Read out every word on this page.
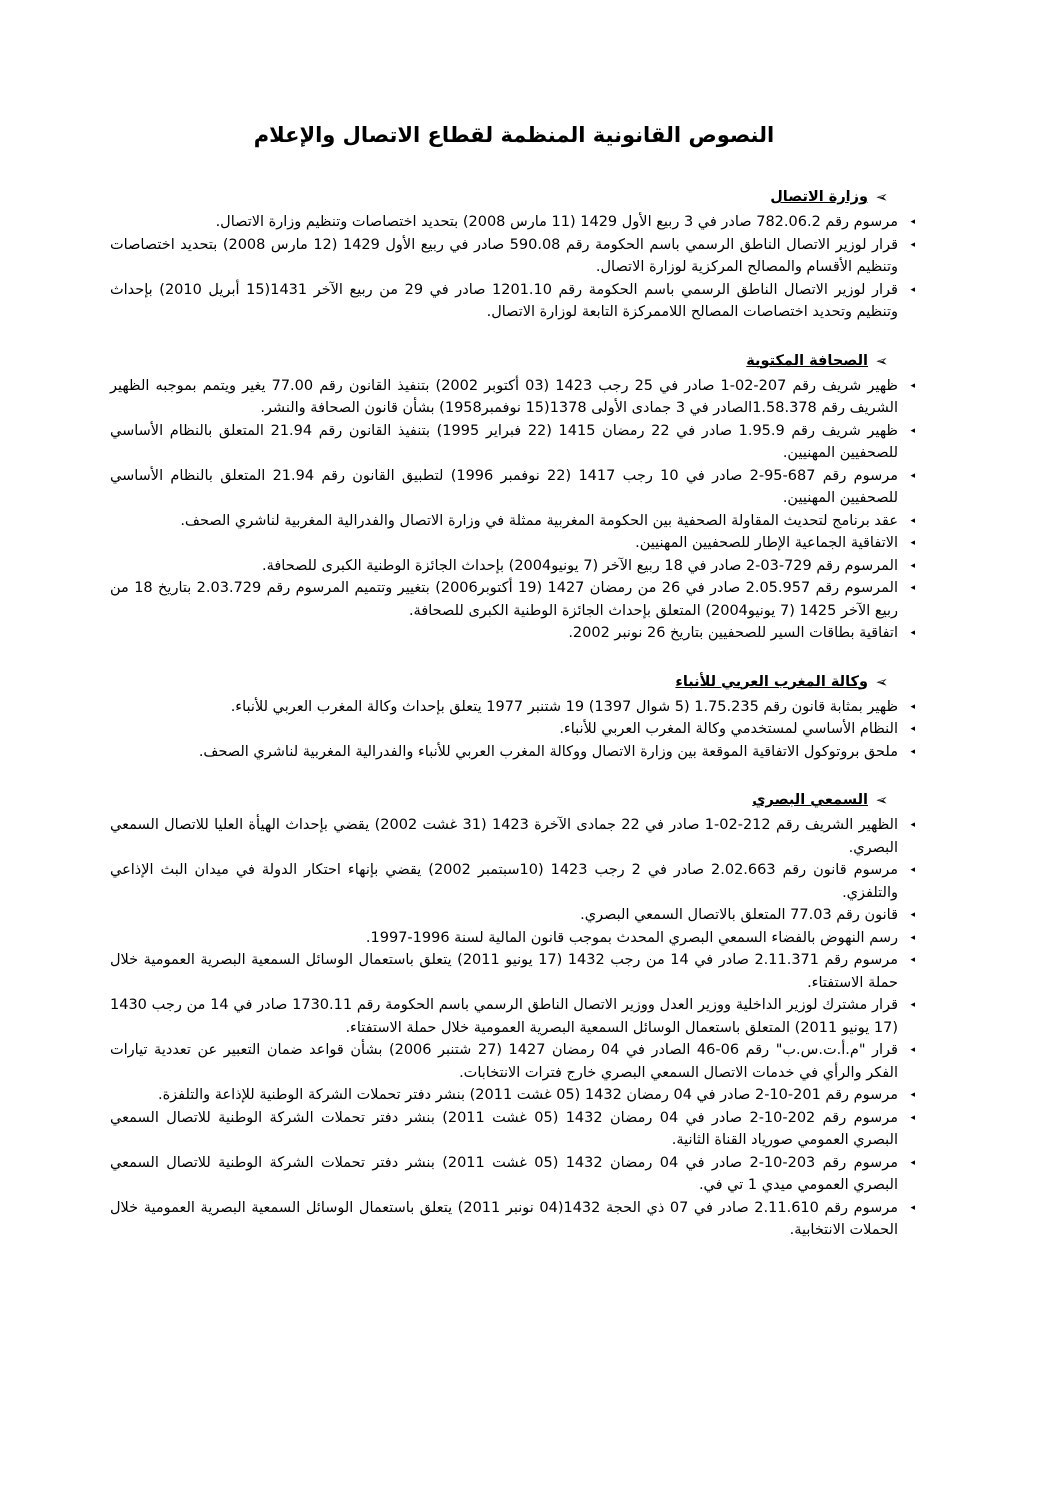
النصوص القانونية المنظمة لقطاع الاتصال والإعلام
➢
وزارة الاتصال
◂
مرسوم رقم 782.06.2 صادر في 3 ربيع الأول 1429 (11 مارس 2008) بتحديد اختصاصات وتنظيم وزارة الاتصال.
◂
قرار لوزير الاتصال الناطق الرسمي باسم الحكومة رقم 590.08 صادر في ربيع الأول 1429 (12 مارس 2008) بتحديد اختصاصات وتنظيم الأقسام والمصالح المركزية لوزارة الاتصال.
◂
قرار لوزير الاتصال الناطق الرسمي باسم الحكومة رقم 1201.10 صادر في 29 من ربيع الآخر 1431(15 أبريل 2010) بإحداث وتنظيم وتحديد اختصاصات المصالح اللاممركزة التابعة لوزارة الاتصال.
➢
الصحافة المكتوبة
◂
ظهير شريف رقم 207-02-1 صادر في 25 رجب 1423 (03 أكتوبر 2002) بتنفيذ القانون رقم 77.00 يغير ويتمم بموجبه الظهير الشريف رقم 1.58.378الصادر في 3 جمادى الأولى 1378(15 نوفمبر1958) بشأن قانون الصحافة والنشر.
◂
ظهير شريف رقم 1.95.9 صادر في 22 رمضان 1415 (22 فبراير 1995) بتنفيذ القانون رقم 21.94 المتعلق بالنظام الأساسي للصحفيين المهنيين.
◂
مرسوم رقم 687-95-2 صادر في 10 رجب 1417 (22 نوفمبر 1996) لتطبيق القانون رقم 21.94 المتعلق بالنظام الأساسي للصحفيين المهنيين.
◂
عقد برنامج لتحديث المقاولة الصحفية بين الحكومة المغربية ممثلة في وزارة الاتصال والفدرالية المغربية لناشري الصحف.
◂
الاتفاقية الجماعية الإطار للصحفيين المهنيين.
◂
المرسوم رقم 729-03-2 صادر في 18 ربيع الآخر (7 يونيو2004) بإحداث الجائزة الوطنية الكبرى للصحافة.
◂
المرسوم رقم 2.05.957 صادر في 26 من رمضان 1427 (19 أكتوبر2006) بتغيير وتتميم المرسوم رقم 2.03.729 بتاريخ 18 من ربيع الآخر 1425 (7 يونيو2004) المتعلق بإحداث الجائزة الوطنية الكبرى للصحافة.
◂
اتفاقية بطاقات السير للصحفيين بتاريخ 26 نونبر 2002.
➢
وكالة المغرب العربي للأنباء
◂
ظهير بمثابة قانون رقم 1.75.235 (5 شوال 1397) 19 شتنبر 1977 يتعلق بإحداث وكالة المغرب العربي للأنباء.
◂
النظام الأساسي لمستخدمي وكالة المغرب العربي للأنباء.
◂
ملحق بروتوكول الاتفاقية الموقعة بين وزارة الاتصال ووكالة المغرب العربي للأنباء والفدرالية المغربية لناشري الصحف.
➢
السمعي البصري
◂
الظهير الشريف رقم 212-02-1 صادر في 22 جمادى الآخرة 1423 (31 غشت 2002) يقضي بإحداث الهيأة العليا للاتصال السمعي البصري.
◂
مرسوم قانون رقم 2.02.663 صادر في 2 رجب 1423 (10سبتمبر 2002) يقضي بإنهاء احتكار الدولة في ميدان البث الإذاعي والتلفزي.
◂
قانون رقم 77.03 المتعلق بالاتصال السمعي البصري.
◂
رسم النهوض بالفضاء السمعي البصري المحدث بموجب قانون المالية لسنة 1996-1997.
◂
مرسوم رقم 2.11.371 صادر في 14 من رجب 1432 (17 يونيو 2011) يتعلق باستعمال الوسائل السمعية البصرية العمومية خلال حملة الاستفتاء.
◂
قرار مشترك لوزير الداخلية ووزير العدل ووزير الاتصال الناطق الرسمي باسم الحكومة رقم 1730.11 صادر في 14 من رجب 1430 (17 يونيو 2011) المتعلق باستعمال الوسائل السمعية البصرية العمومية خلال حملة الاستفتاء.
◂
قرار "م.أ.ت.س.ب" رقم 06-46 الصادر في 04 رمضان 1427 (27 شتنبر 2006) بشأن قواعد ضمان التعبير عن تعددية تيارات الفكر والرأي في خدمات الاتصال السمعي البصري خارج فترات الانتخابات.
◂
مرسوم رقم 201-10-2 صادر في 04 رمضان 1432 (05 غشت 2011) بنشر دفتر تحملات الشركة الوطنية للإذاعة والتلفزة.
◂
مرسوم رقم 202-10-2 صادر في 04 رمضان 1432 (05 غشت 2011) بنشر دفتر تحملات الشركة الوطنية للاتصال السمعي البصري العمومي صورياد القناة الثانية.
◂
مرسوم رقم 203-10-2 صادر في 04 رمضان 1432 (05 غشت 2011) بنشر دفتر تحملات الشركة الوطنية للاتصال السمعي البصري العمومي ميدي 1 تي في.
◂
مرسوم رقم 2.11.610 صادر في 07 ذي الحجة 1432(04 نونبر 2011) يتعلق باستعمال الوسائل السمعية البصرية العمومية خلال الحملات الانتخابية.
